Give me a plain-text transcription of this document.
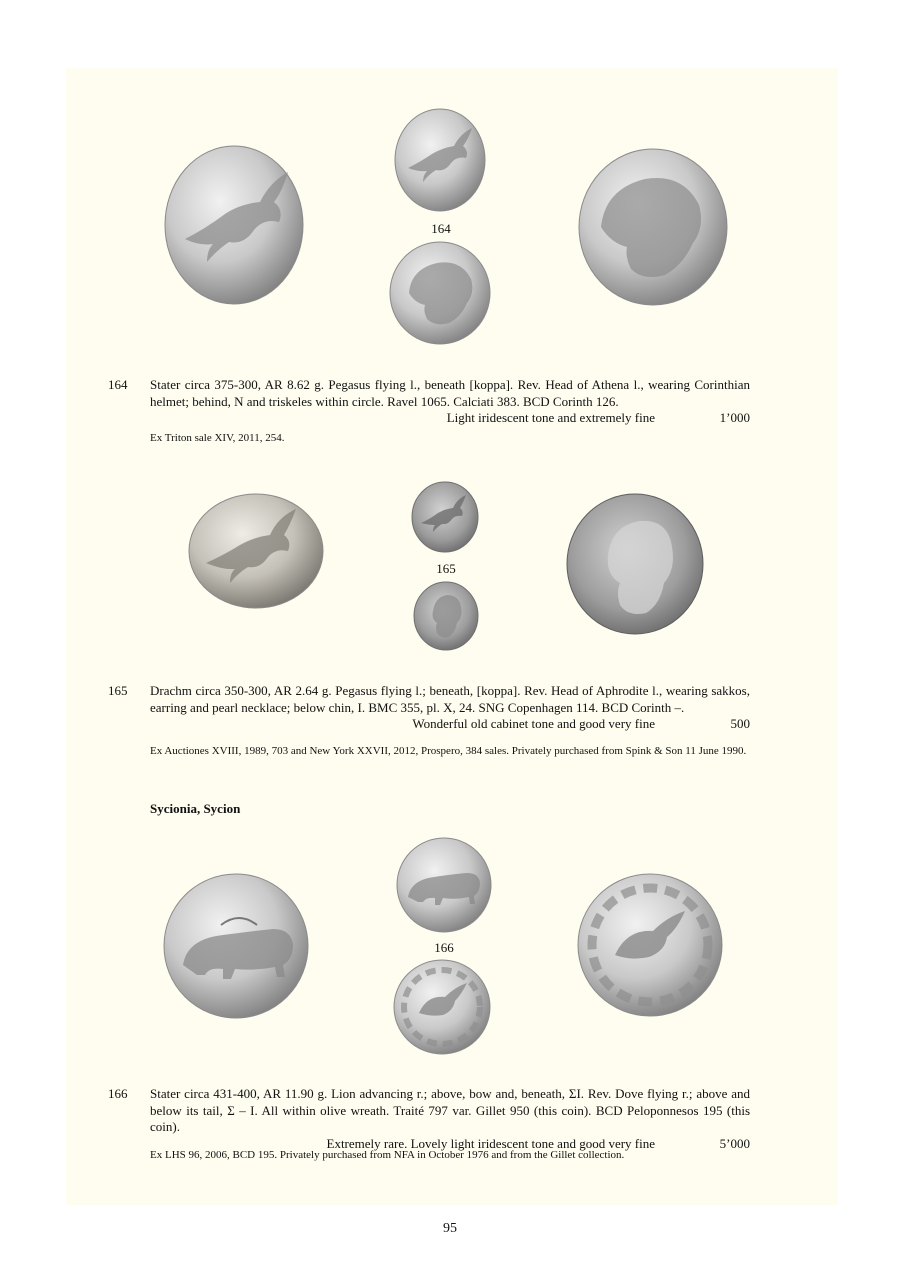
164
164 Stater circa 375-300, AR 8.62 g. Pegasus flying l., beneath [koppa]. Rev. Head of Athena l., wearing Corinthian helmet; behind, N and triskeles within circle. Ravel 1065. Calciati 383. BCD Corinth 126.

Light iridescent tone and extremely fine	1’000
Ex Triton sale XIV, 2011, 254.
165
165 Drachm circa 350-300, AR 2.64 g. Pegasus flying l.; beneath, [koppa]. Rev. Head of Aphrodite l., wearing sakkos, earring and pearl necklace; below chin, I. BMC 355, pl. X, 24. SNG Copenhagen 114. BCD Corinth –.

Wonderful old cabinet tone and good very fine	500
Ex Auctiones XVIII, 1989, 703 and New York XXVII, 2012, Prospero, 384 sales. Privately purchased from Spink & Son 11 June 1990.
Sycionia, Sycion
166
166 Stater circa 431-400, AR 11.90 g. Lion advancing r.; above, bow and, beneath, ΣI. Rev. Dove flying r.; above and below its tail, Σ – I. All within olive wreath. Traité 797 var. Gillet 950 (this coin). BCD Peloponnesos 195 (this coin).

Extremely rare. Lovely light iridescent tone and good very fine	5’000
Ex LHS 96, 2006, BCD 195. Privately purchased from NFA in October 1976 and from the Gillet collection.
95
